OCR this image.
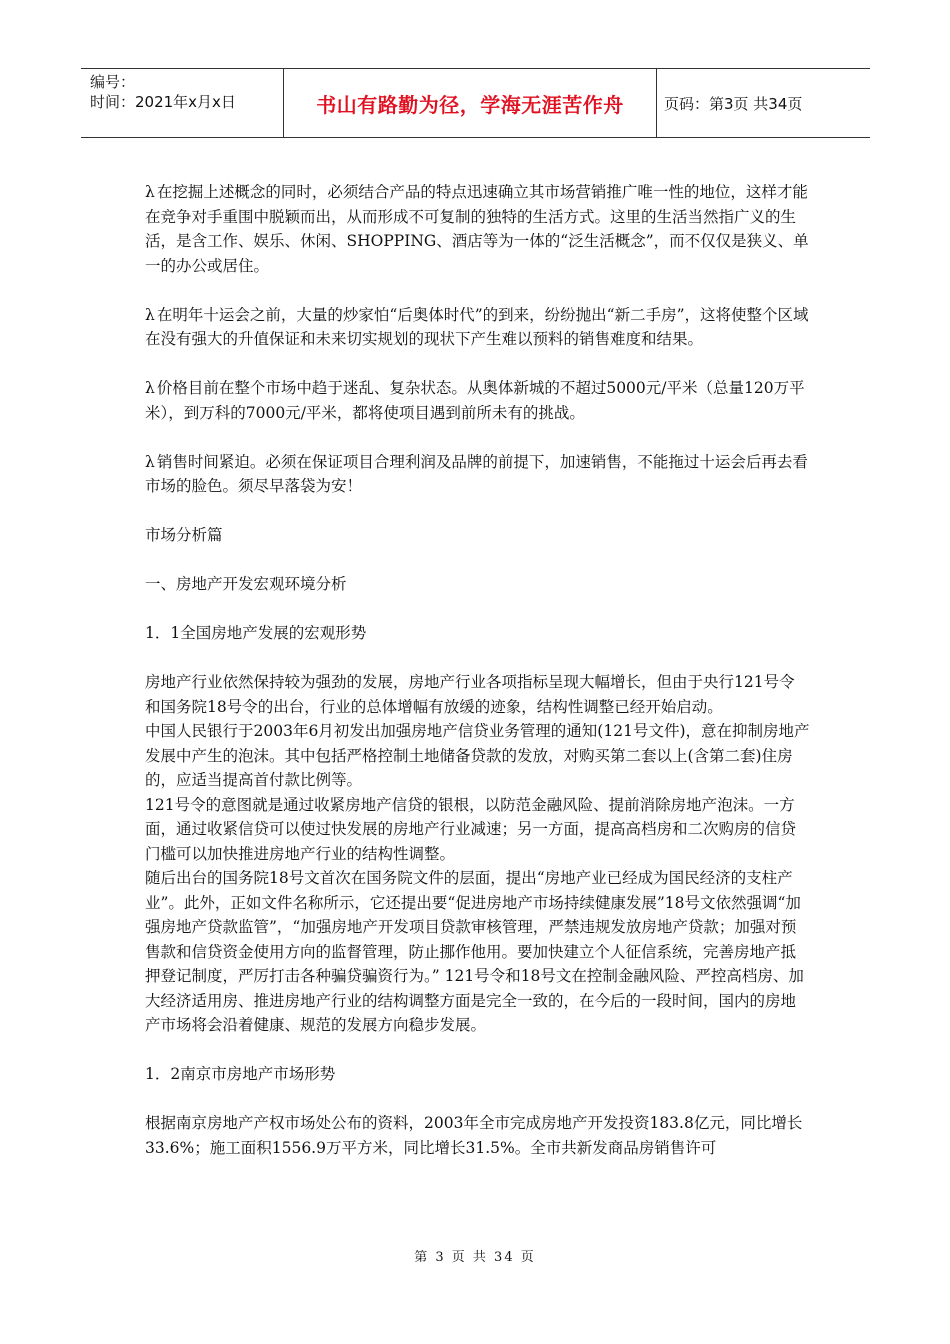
编号：
时间：2021年x月x日	书山有路勤为径，学海无涯苦作舟	页码：第3页 共34页

λ 在挖掘上述概念的同时，必须结合产品的特点迅速确立其市场营销推广唯一性的地位，这样才能在竞争对手重围中脱颖而出，从而形成不可复制的独特的生活方式。这里的生活当然指广义的生活，是含工作、娱乐、休闲、SHOPPING、酒店等为一体的“泛生活概念”，而不仅仅是狭义、单一的办公或居住。

λ 在明年十运会之前，大量的炒家怕“后奥体时代”的到来，纷纷抛出“新二手房”，这将使整个区域在没有强大的升值保证和未来切实规划的现状下产生难以预料的销售难度和结果。

λ 价格目前在整个市场中趋于迷乱、复杂状态。从奥体新城的不超过5000元/平米（总量120万平米），到万科的7000元/平米，都将使项目遇到前所未有的挑战。

λ 销售时间紧迫。必须在保证项目合理利润及品牌的前提下，加速销售，不能拖过十运会后再去看市场的脸色。须尽早落袋为安！

市场分析篇

一、房地产开发宏观环境分析

1．1全国房地产发展的宏观形势

房地产行业依然保持较为强劲的发展，房地产行业各项指标呈现大幅增长，但由于央行121号令和国务院18号令的出台，行业的总体增幅有放缓的迹象，结构性调整已经开始启动。

中国人民银行于2003年6月初发出加强房地产信贷业务管理的通知(121号文件)，意在抑制房地产发展中产生的泡沫。其中包括严格控制土地储备贷款的发放，对购买第二套以上(含第二套)住房的，应适当提高首付款比例等。

121号令的意图就是通过收紧房地产信贷的银根，以防范金融风险、提前消除房地产泡沫。一方面，通过收紧信贷可以使过快发展的房地产行业减速；另一方面，提高高档房和二次购房的信贷门槛可以加快推进房地产行业的结构性调整。

随后出台的国务院18号文首次在国务院文件的层面，提出“房地产业已经成为国民经济的支柱产业”。此外，正如文件名称所示，它还提出要“促进房地产市场持续健康发展”18号文依然强调“加强房地产贷款监管”，“加强房地产开发项目贷款审核管理，严禁违规发放房地产贷款；加强对预售款和信贷资金使用方向的监督管理，防止挪作他用。要加快建立个人征信系统，完善房地产抵押登记制度，严厉打击各种骗贷骗资行为。” 121号令和18号文在控制金融风险、严控高档房、加大经济适用房、推进房地产行业的结构调整方面是完全一致的，在今后的一段时间，国内的房地产市场将会沿着健康、规范的发展方向稳步发展。

1．2南京市房地产市场形势

根据南京房地产产权市场处公布的资料，2003年全市完成房地产开发投资183.8亿元，同比增长33.6%；施工面积1556.9万平方米，同比增长31.5%。全市共新发商品房销售许可

第 3 页 共 34 页
